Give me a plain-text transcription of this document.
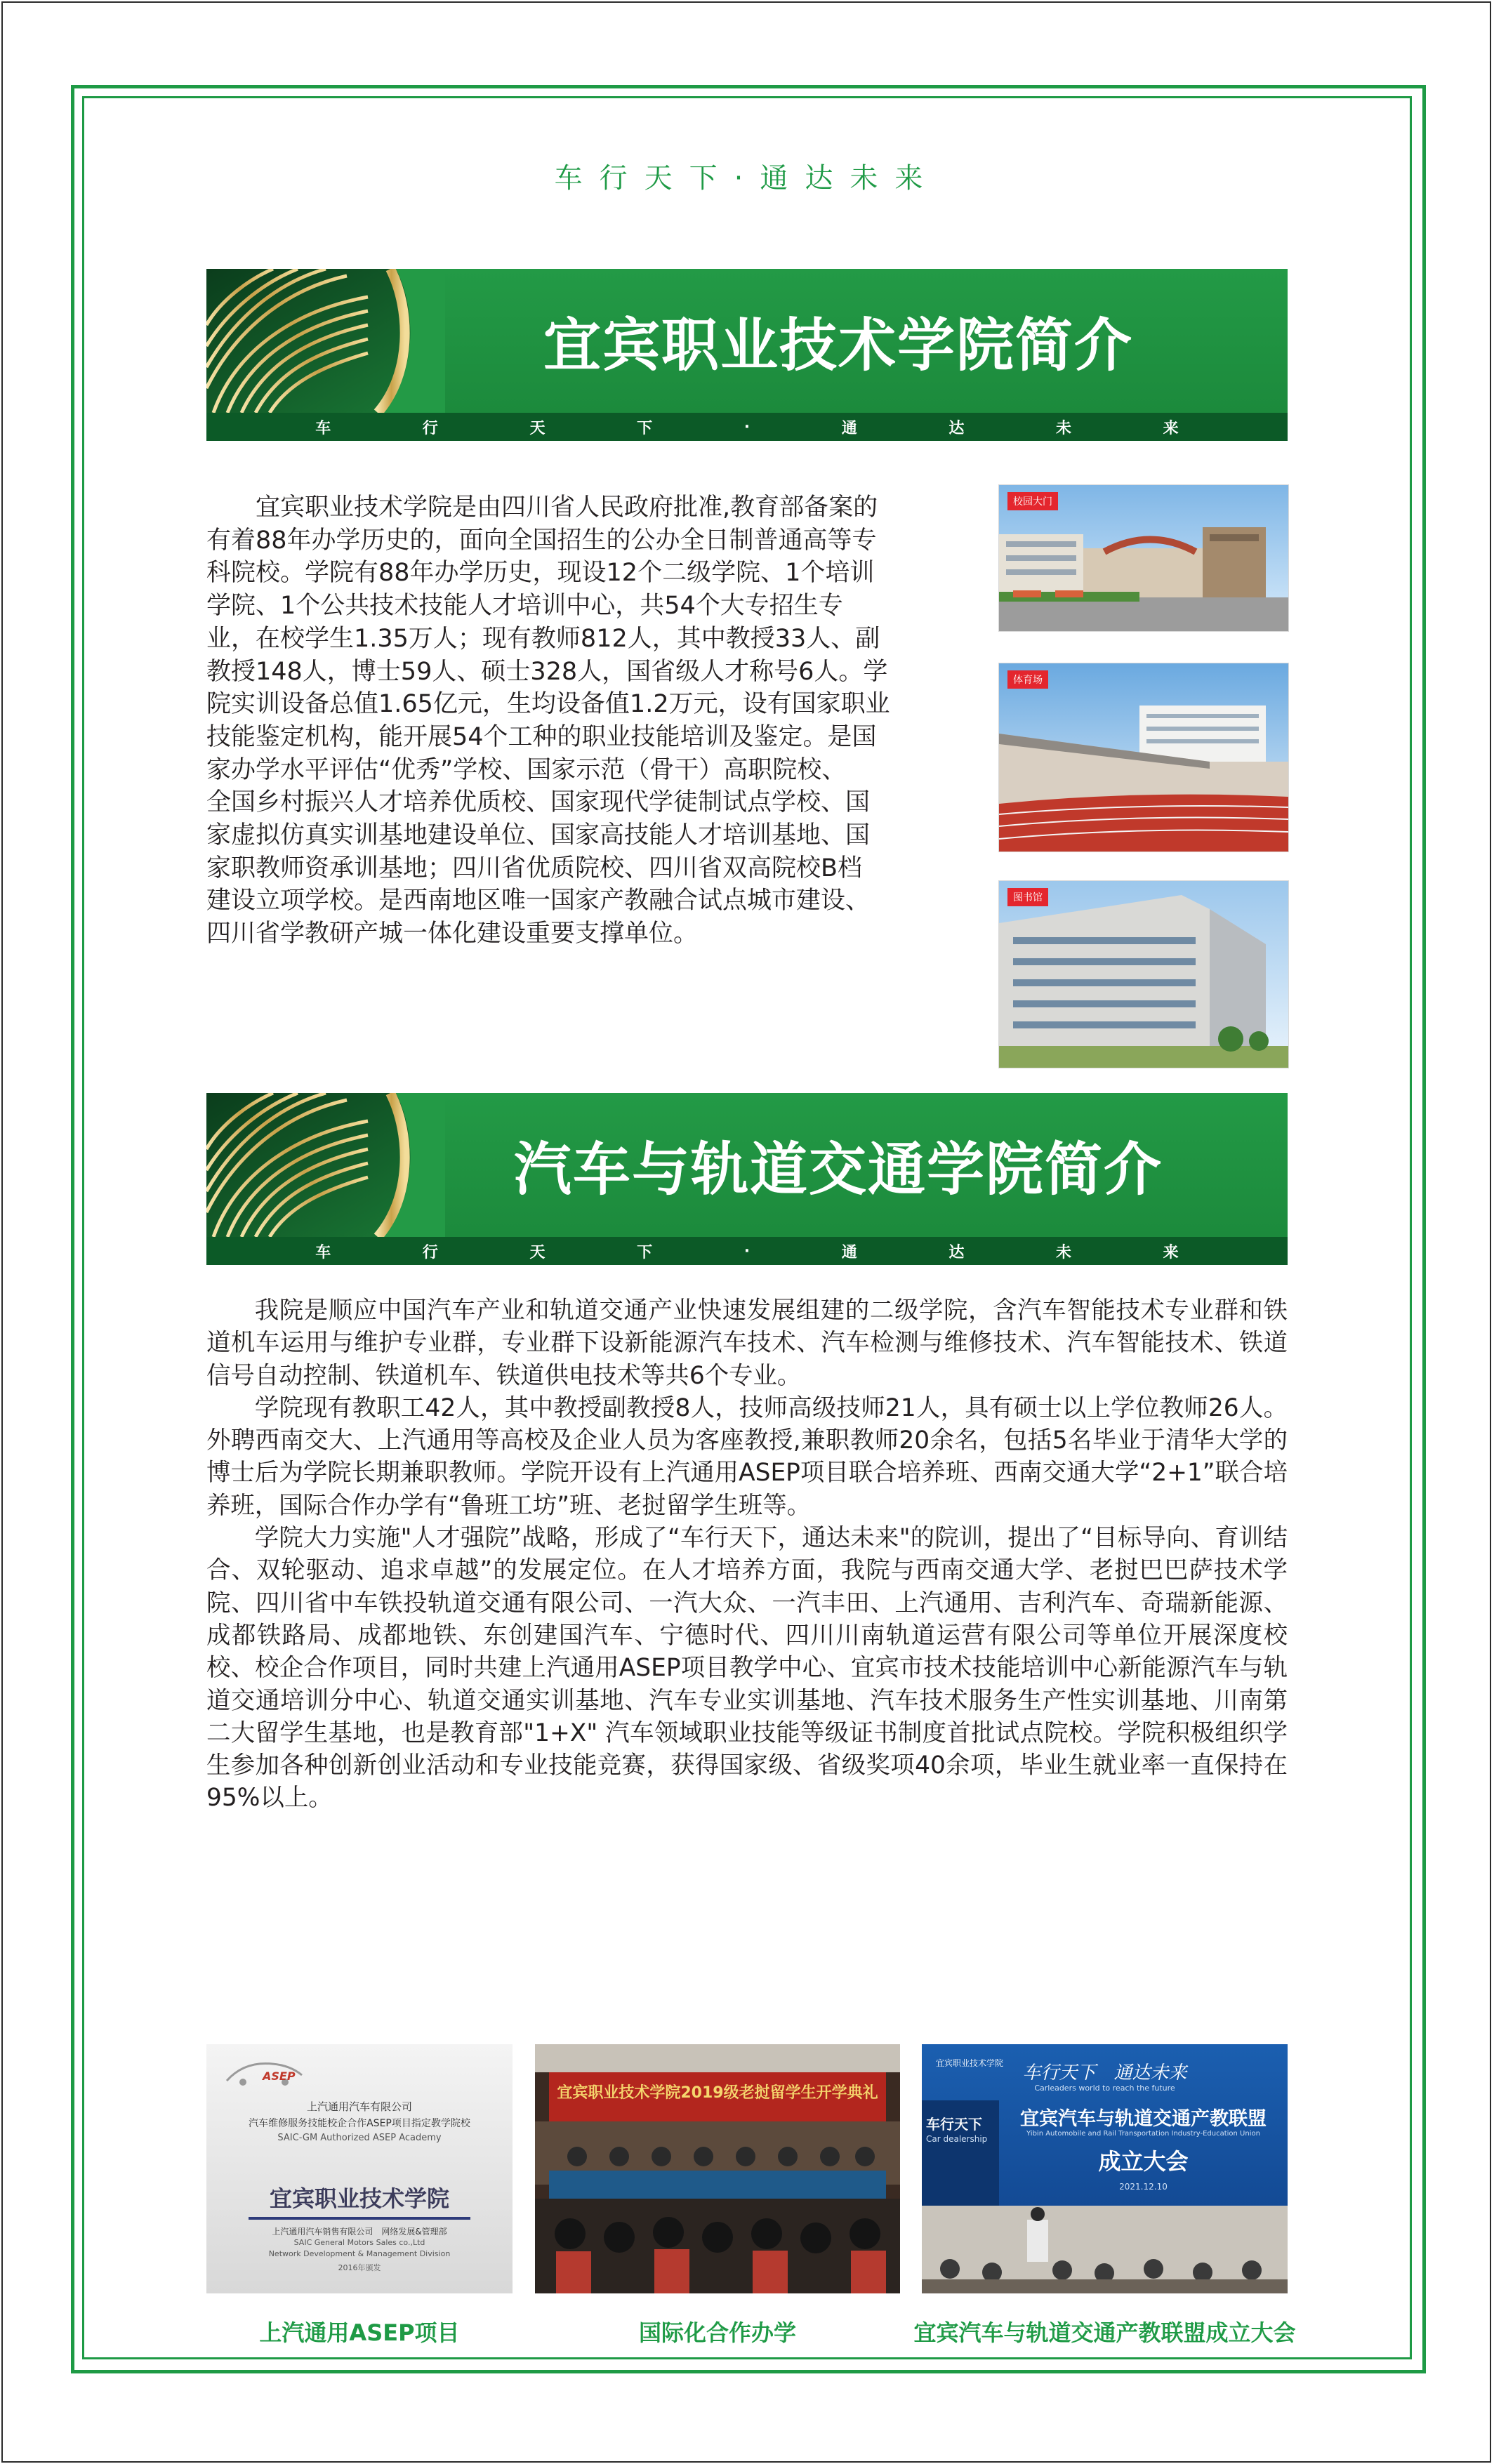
车行天下·通达未来
宜宾职业技术学院简介
车	行	天	下	·	通	达	未	来
宜宾职业技术学院是由四川省人民政府批准,教育部备案的
有着88年办学历史的，面向全国招生的公办全日制普通高等专
科院校。学院有88年办学历史，现设12个二级学院、1个培训
学院、1个公共技术技能人才培训中心，共54个大专招生专
业，在校学生1.35万人；现有教师812人，其中教授33人、副
教授148人，博士59人、硕士328人，国省级人才称号6人。学
院实训设备总值1.65亿元，生均设备值1.2万元，设有国家职业
技能鉴定机构，能开展54个工种的职业技能培训及鉴定。是国
家办学水平评估“优秀”学校、国家示范（骨干）高职院校、
全国乡村振兴人才培养优质校、国家现代学徒制试点学校、国
家虚拟仿真实训基地建设单位、国家高技能人才培训基地、国
家职教师资承训基地；四川省优质院校、四川省双高院校B档
建设立项学校。是西南地区唯一国家产教融合试点城市建设、
四川省学教研产城一体化建设重要支撑单位。
校园大门
体育场
图书馆
汽车与轨道交通学院简介
车	行	天	下	·	通	达	未	来

我院是顺应中国汽车产业和轨道交通产业快速发展组建的二级学院，含汽车智能技术专业群和铁道机车运用与维护专业群，专业群下设新能源汽车技术、汽车检测与维修技术、汽车智能技术、铁道信号自动控制、铁道机车、铁道供电技术等共6个专业。

学院现有教职工42人，其中教授副教授8人，技师高级技师21人，具有硕士以上学位教师26人。外聘西南交大、上汽通用等高校及企业人员为客座教授,兼职教师20余名，包括5名毕业于清华大学的博士后为学院长期兼职教师。学院开设有上汽通用ASEP项目联合培养班、西南交通大学“2+1”联合培养班，国际合作办学有“鲁班工坊”班、老挝留学生班等。

学院大力实施"人才强院”战略，形成了“车行天下，通达未来"的院训，提出了“目标导向、育训结合、双轮驱动、追求卓越”的发展定位。在人才培养方面，我院与西南交通大学、老挝巴巴萨技术学院、四川省中车铁投轨道交通有限公司、一汽大众、一汽丰田、上汽通用、吉利汽车、奇瑞新能源、成都铁路局、成都地铁、东创建国汽车、宁德时代、四川川南轨道运营有限公司等单位开展深度校校、校企合作项目，同时共建上汽通用ASEP项目教学中心、宜宾市技术技能培训中心新能源汽车与轨道交通培训分中心、轨道交通实训基地、汽车专业实训基地、汽车技术服务生产性实训基地、川南第二大留学生基地，也是教育部"1+X" 汽车领域职业技能等级证书制度首批试点院校。学院积极组织学生参加各种创新创业活动和专业技能竞赛，获得国家级、省级奖项40余项，毕业生就业率一直保持在95%以上。

ASEP
上汽通用汽车有限公司
汽车维修服务技能校企合作ASEP项目指定教学院校
SAIC-GM Authorized ASEP Academy
宜宾职业技术学院
上汽通用汽车销售有限公司　网络发展&管理部
SAIC General Motors Sales co.,Ltd
Network Development & Management Division
2016年颁发
宜宾职业技术学院2019级老挝留学生开学典礼
宜宾职业技术学院	车行天下　通达未来
Carleaders world to reach the future
车行天下
Car dealership
宜宾汽车与轨道交通产教联盟
Yibin Automobile and Rail Transportation Industry-Education Union
成立大会
2021.12.10
上汽通用ASEP项目	国际化合作办学	宜宾汽车与轨道交通产教联盟成立大会
